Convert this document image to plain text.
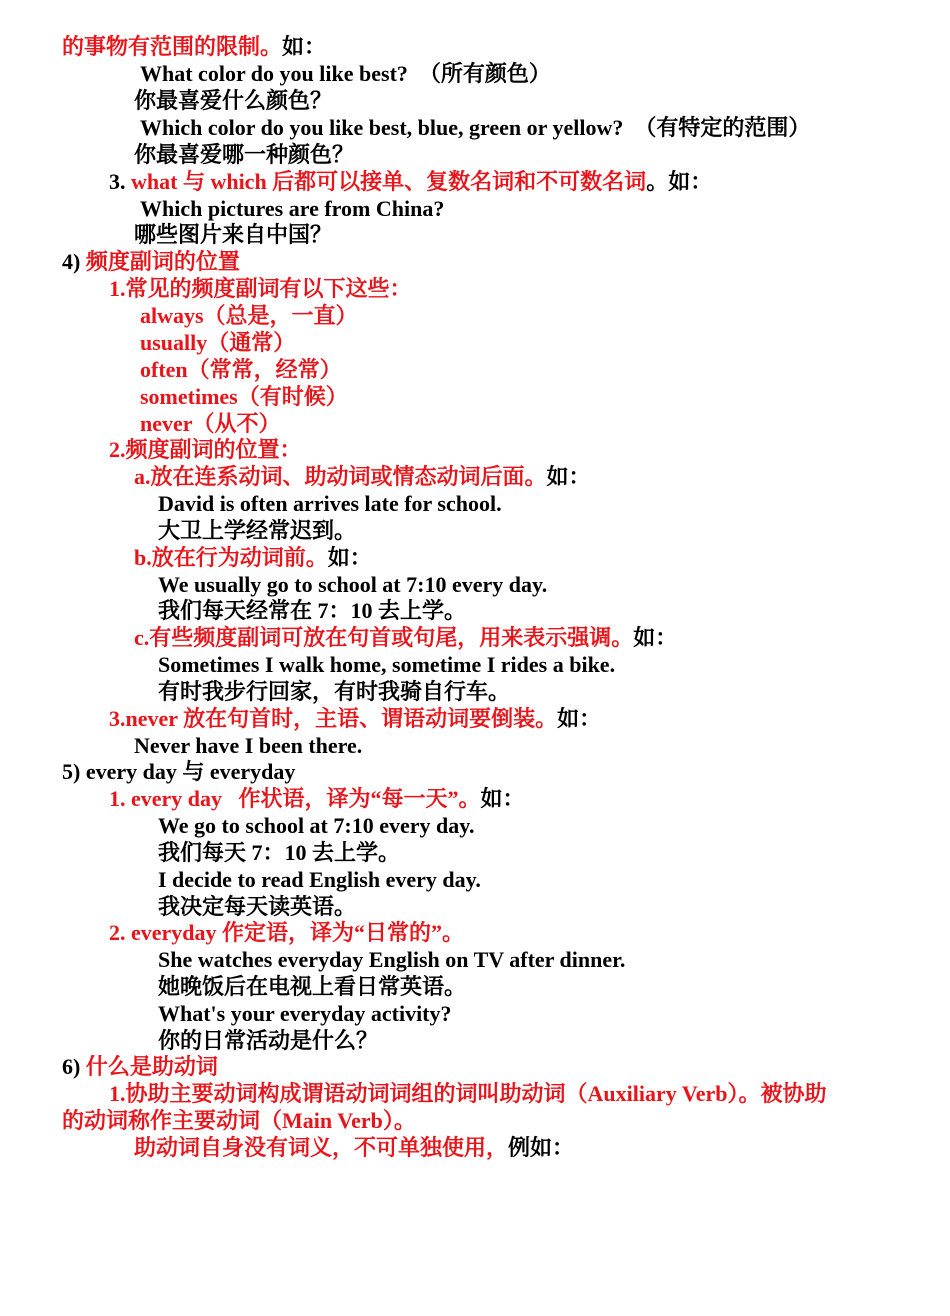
的事物有范围的限制。如：
What color do you like best?  （所有颜色）
你最喜爱什么颜色？
Which color do you like best, blue, green or yellow?  （有特定的范围）
你最喜爱哪一种颜色？
3. what 与 which 后都可以接单、复数名词和不可数名词。如：
Which pictures are from China?
哪些图片来自中国？
4) 频度副词的位置
1.常见的频度副词有以下这些：
always（总是，一直）
usually（通常）
often（常常，经常）
sometimes（有时候）
never（从不）
2.频度副词的位置：
a.放在连系动词、助动词或情态动词后面。如：
David is often arrives late for school.
大卫上学经常迟到。
b.放在行为动词前。如：
We usually go to school at 7:10 every day.
我们每天经常在 7：10 去上学。
c.有些频度副词可放在句首或句尾，用来表示强调。如：
Sometimes I walk home, sometime I rides a bike.
有时我步行回家，有时我骑自行车。
3.never 放在句首时，主语、谓语动词要倒装。如：
Never have I been there.
5) every day 与 everyday
1. every day   作状语，译为“每一天”。如：
We go to school at 7:10 every day.
我们每天 7：10 去上学。
I decide to read English every day.
我决定每天读英语。
2. everyday 作定语，译为“日常的”。
She watches everyday English on TV after dinner.
她晚饭后在电视上看日常英语。
What's your everyday activity?
你的日常活动是什么？
6) 什么是助动词
1.协助主要动词构成谓语动词词组的词叫助动词（Auxiliary Verb）。被协助
的动词称作主要动词（Main Verb）。
助动词自身没有词义，不可单独使用，例如：
